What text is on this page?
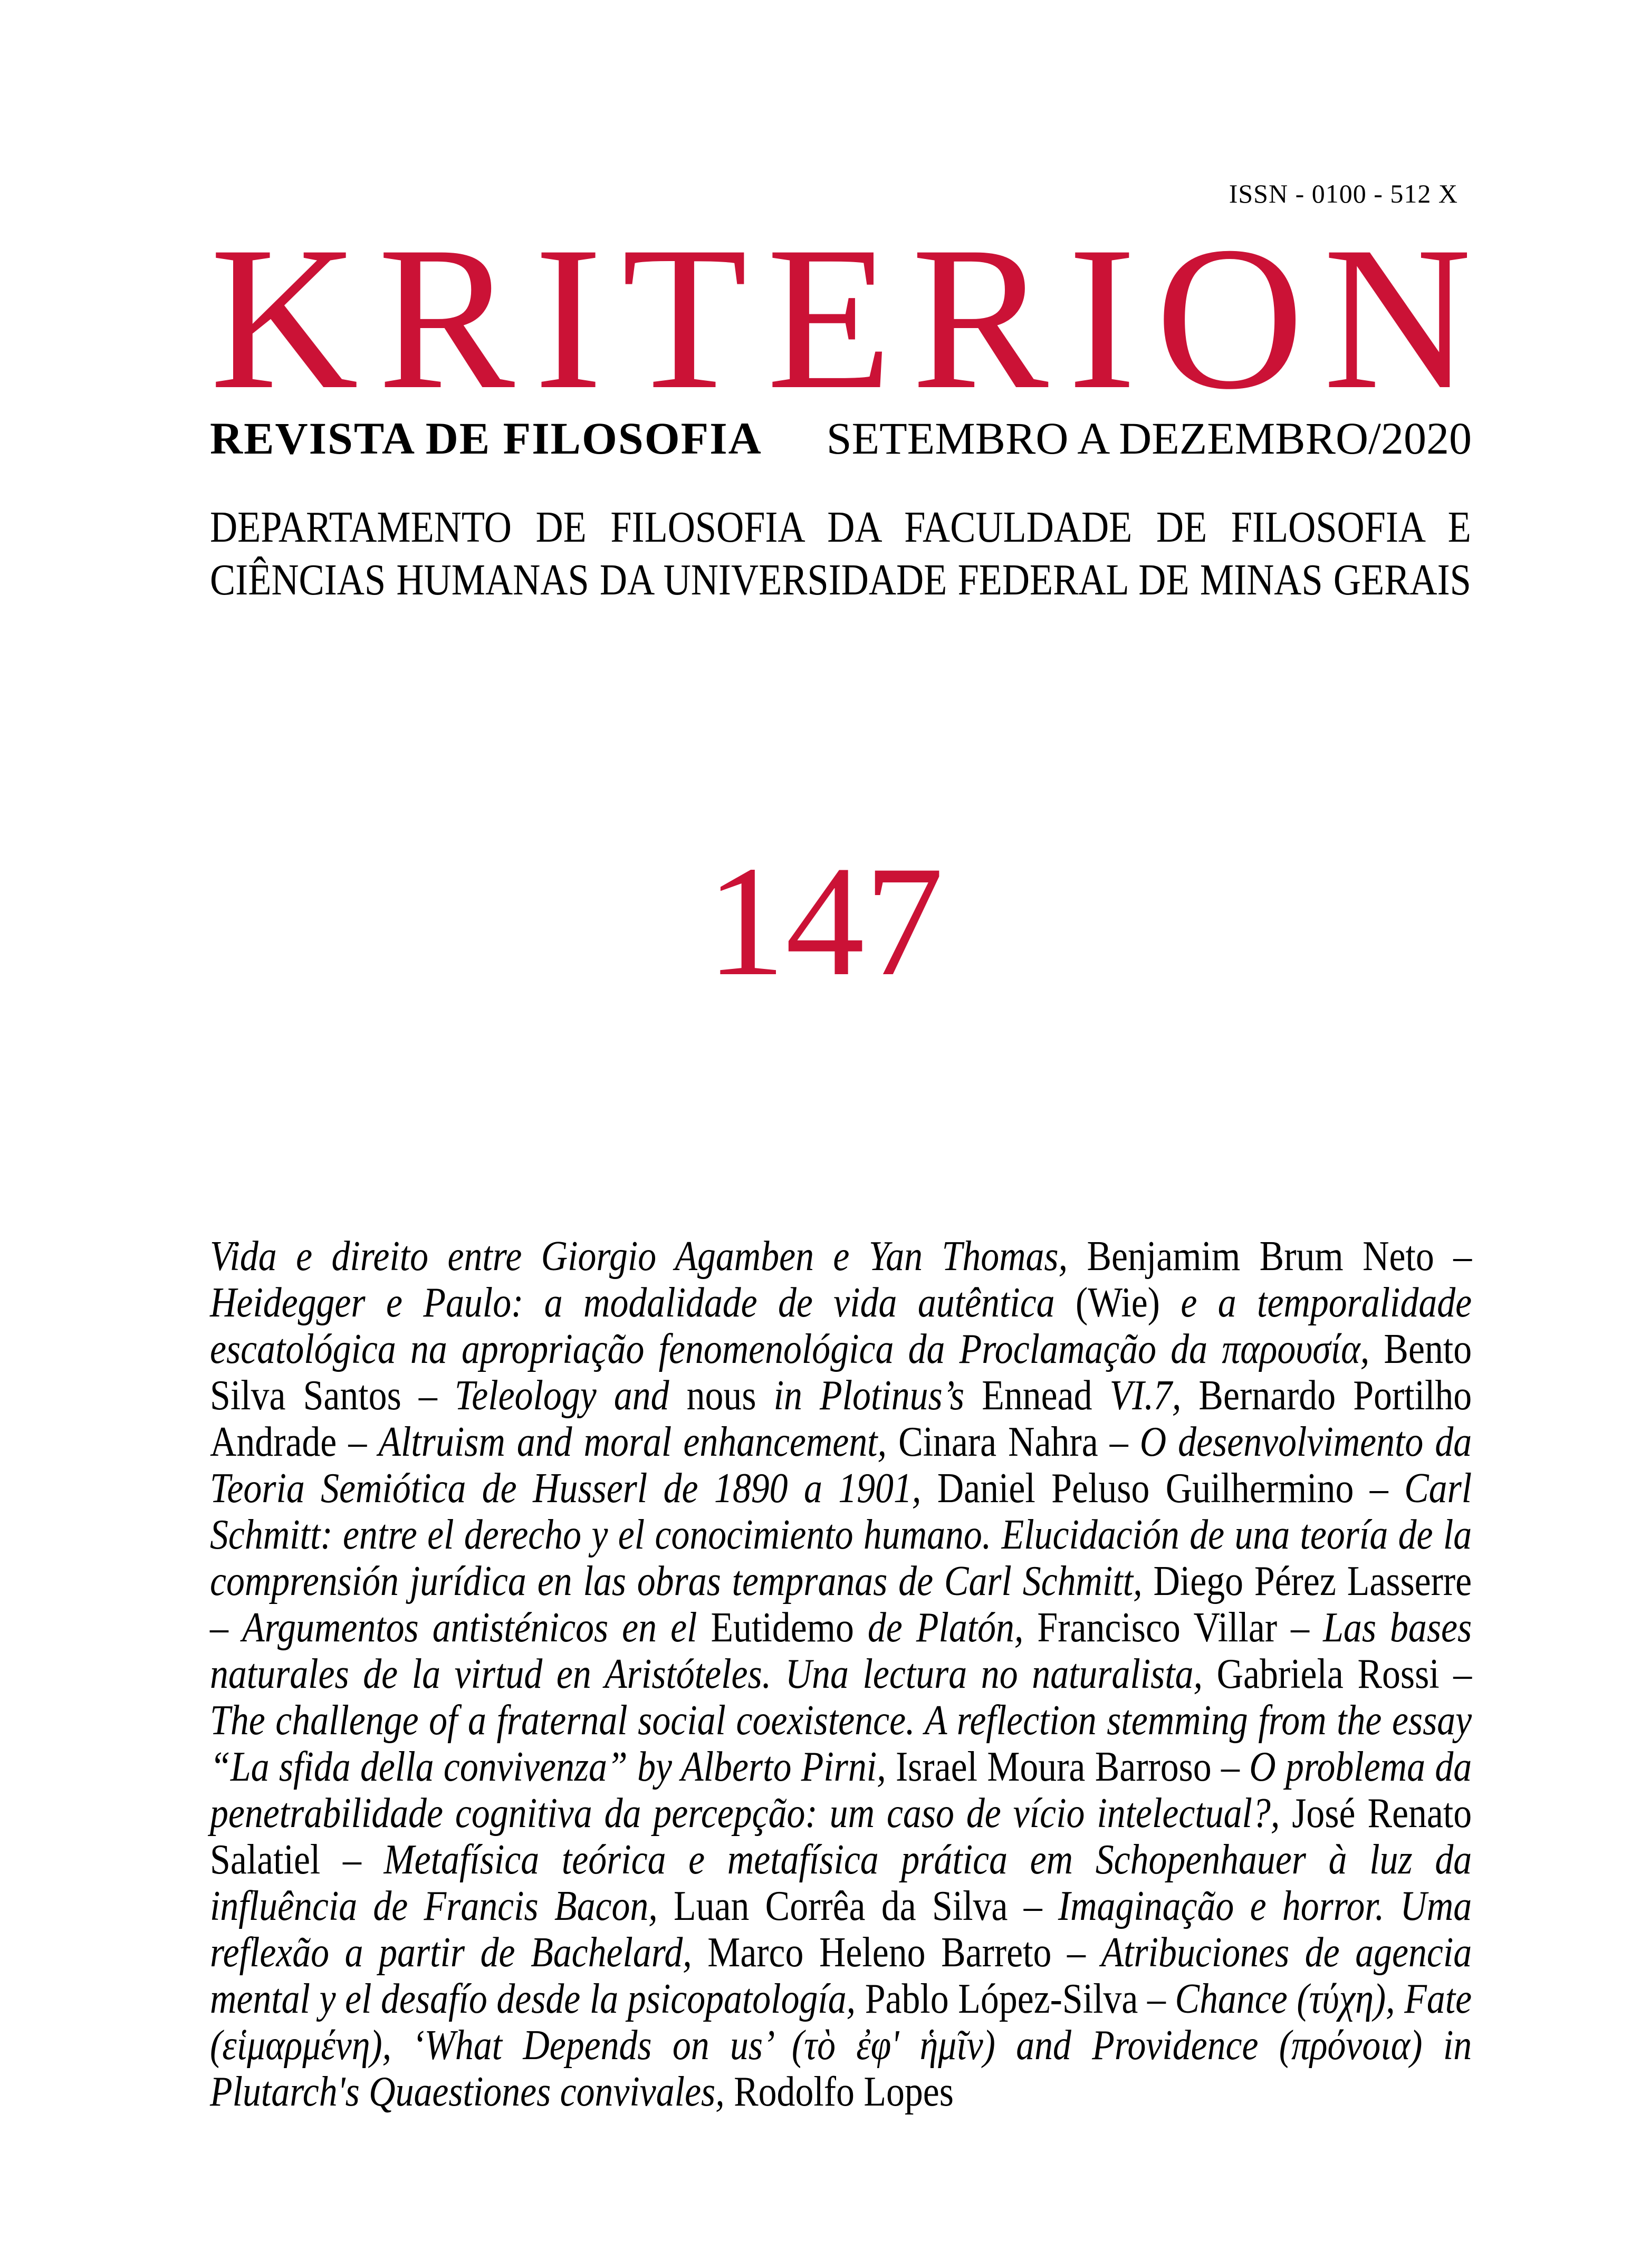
ISSN - 0100 - 512 X
K R I T E R I O N
REVISTA DE FILOSOFIA SETEMBRO A DEZEMBRO/2020
DEPARTAMENTO DE FILOSOFIA DA FACULDADE DE FILOSOFIA E
CIÊNCIAS HUMANAS DA UNIVERSIDADE FEDERAL DE MINAS GERAIS
147
Vida e direito entre Giorgio Agamben e Yan Thomas, Benjamim Brum Neto – Heidegger e Paulo: a modalidade de vida autêntica (Wie) e a temporalidade escatológica na apropriação fenomenológica da Proclamação da παρουσία, Bento Silva Santos – Teleology and nous in Plotinus’s Ennead VI.7, Bernardo Portilho Andrade – Altruism and moral enhancement, Cinara Nahra – O desenvolvimento da Teoria Semiótica de Husserl de 1890 a 1901, Daniel Peluso Guilhermino – Carl Schmitt: entre el derecho y el conocimiento humano. Elucidación de una teoría de la comprensión jurídica en las obras tempranas de Carl Schmitt, Diego Pérez Lasserre – Argumentos antisténicos en el Eutidemo de Platón, Francisco Villar – Las bases naturales de la virtud en Aristóteles. Una lectura no naturalista, Gabriela Rossi – The challenge of a fraternal social coexistence. A reflection stemming from the essay “La sfida della convivenza” by Alberto Pirni, Israel Moura Barroso – O problema da penetrabilidade cognitiva da percepção: um caso de vício intelectual?, José Renato Salatiel – Metafísica teórica e metafísica prática em Schopenhauer à luz da influência de Francis Bacon, Luan Corrêa da Silva – Imaginação e horror. Uma reflexão a partir de Bachelard, Marco Heleno Barreto – Atribuciones de agencia mental y el desafío desde la psicopatología, Pablo López-Silva – Chance (τύχη), Fate (εἱμαρμένη), ‘What Depends on us’ (τὸ ἐφ' ἡμῖν) and Providence (πρόνοια) in Plutarch's Quaestiones convivales, Rodolfo Lopes
